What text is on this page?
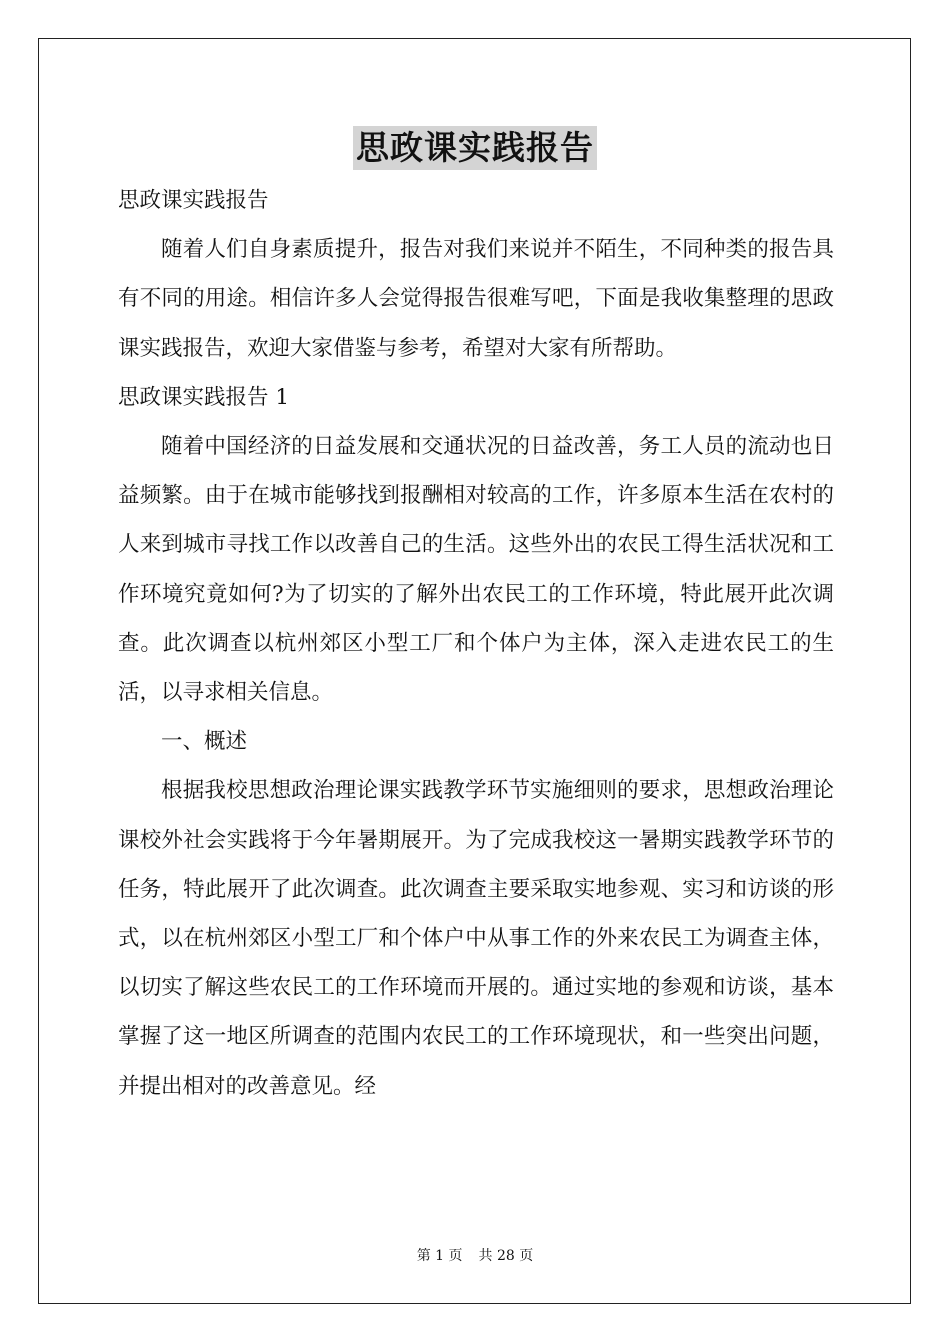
思政课实践报告

思政课实践报告

随着人们自身素质提升，报告对我们来说并不陌生，不同种类的报告具有不同的用途。相信许多人会觉得报告很难写吧，下面是我收集整理的思政课实践报告，欢迎大家借鉴与参考，希望对大家有所帮助。

思政课实践报告 1

随着中国经济的日益发展和交通状况的日益改善，务工人员的流动也日益频繁。由于在城市能够找到报酬相对较高的工作，许多原本生活在农村的人来到城市寻找工作以改善自己的生活。这些外出的农民工得生活状况和工作环境究竟如何?为了切实的了解外出农民工的工作环境，特此展开此次调查。此次调查以杭州郊区小型工厂和个体户为主体，深入走进农民工的生活，以寻求相关信息。

一、概述

根据我校思想政治理论课实践教学环节实施细则的要求，思想政治理论课校外社会实践将于今年暑期展开。为了完成我校这一暑期实践教学环节的任务，特此展开了此次调查。此次调查主要采取实地参观、实习和访谈的形式，以在杭州郊区小型工厂和个体户中从事工作的外来农民工为调查主体，以切实了解这些农民工的工作环境而开展的。通过实地的参观和访谈，基本掌握了这一地区所调查的范围内农民工的工作环境现状，和一些突出问题，并提出相对的改善意见。经

第 1 页 共 28 页
